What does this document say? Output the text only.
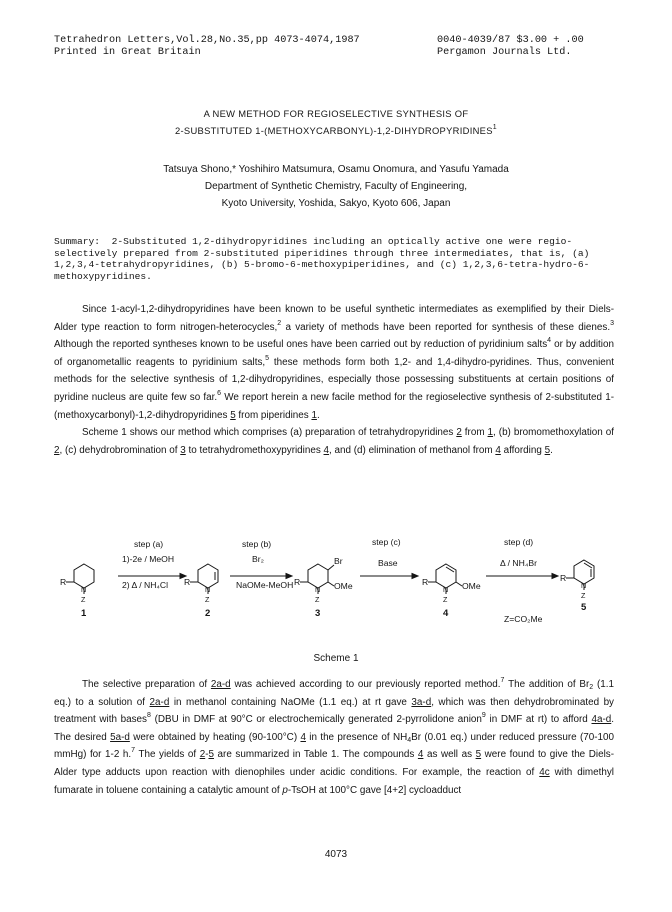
Tetrahedron Letters,Vol.28,No.35,pp 4073-4074,1987
Printed in Great Britain
0040-4039/87 $3.00 + .00
Pergamon Journals Ltd.
A NEW METHOD FOR REGIOSELECTIVE SYNTHESIS OF
2-SUBSTITUTED 1-(METHOXYCARBONYL)-1,2-DIHYDROPYRIDINES$^1$
Tatsuya Shono,* Yoshihiro Matsumura, Osamu Onomura, and Yasufu Yamada
Department of Synthetic Chemistry, Faculty of Engineering,
Kyoto University, Yoshida, Sakyo, Kyoto 606, Japan
Summary: 2-Substituted 1,2-dihydropyridines including an optically active one were regio-selectively prepared from 2-substituted piperidines through three intermediates, that is, (a) 1,2,3,4-tetrahydropyridines, (b) 5-bromo-6-methoxypiperidines, and (c) 1,2,3,6-tetra-hydro-6-methoxypyridines.

Since 1-acyl-1,2-dihydropyridines have been known to be useful synthetic intermediates as exemplified by their Diels-Alder type reaction to form nitrogen-heterocycles,$^2$ a variety of methods have been reported for synthesis of these dienes.$^3$ Although the reported syntheses known to be useful ones have been carried out by reduction of pyridinium salts$^4$ or by addition of organometallic reagents to pyridinium salts,$^5$ these methods form both 1,2- and 1,4-dihydro-pyridines. Thus, convenient methods for the selective synthesis of 1,2-dihydropyridines, especially those possessing substituents at certain positions of pyridine nucleus are quite few so far.$^6$ We report herein a new facile method for the regioselective synthesis of 2-substituted 1-(methoxycarbonyl)-1,2-dihydropyridines 5 from piperidines 1.

Scheme 1 shows our method which comprises (a) preparation of tetrahydropyridines 2 from 1, (b) bromomethoxylation of 2, (c) dehydrobromination of 3 to tetrahydromethoxypyridines 4, and (d) elimination of methanol from 4 affording 5.

R
N
Z
R
N
Z
R
N
Z
Br
OMe	R
N
Z
OMe
R
N
Z
step (a)
1)-2e / MeOH
2) Δ / NH₄Cl
step (b)
Br₂
NaOMe-MeOH
step (c)
Base
step (d)
Δ / NH₄Br
1	2	3	4
5
Z=CO₂Me
Scheme 1

The selective preparation of 2a-d was achieved according to our previously reported method.$^7$ The addition of $Br_2$ (1.1 eq.) to a solution of 2a-d in methanol containing NaOMe (1.1 eq.) at rt gave 3a-d, which was then dehydrobrominated by treatment with bases$^8$ (DBU in DMF at 90°C or electrochemically generated 2-pyrrolidone anion$^9$ in DMF at rt) to afford 4a-d. The desired 5a-d were obtained by heating (90-100°C) 4 in the presence of $NH_4Br$ (0.01 eq.) under reduced pressure (70-100 mmHg) for 1-2 h.$^7$ The yields of 2-5 are summarized in Table 1. The compounds 4 as well as 5 were found to give the Diels-Alder type adducts upon reaction with dienophiles under acidic conditions. For example, the reaction of 4c with dimethyl fumarate in toluene containing a catalytic amount of p-TsOH at 100°C gave [4+2] cycloadduct

4073
